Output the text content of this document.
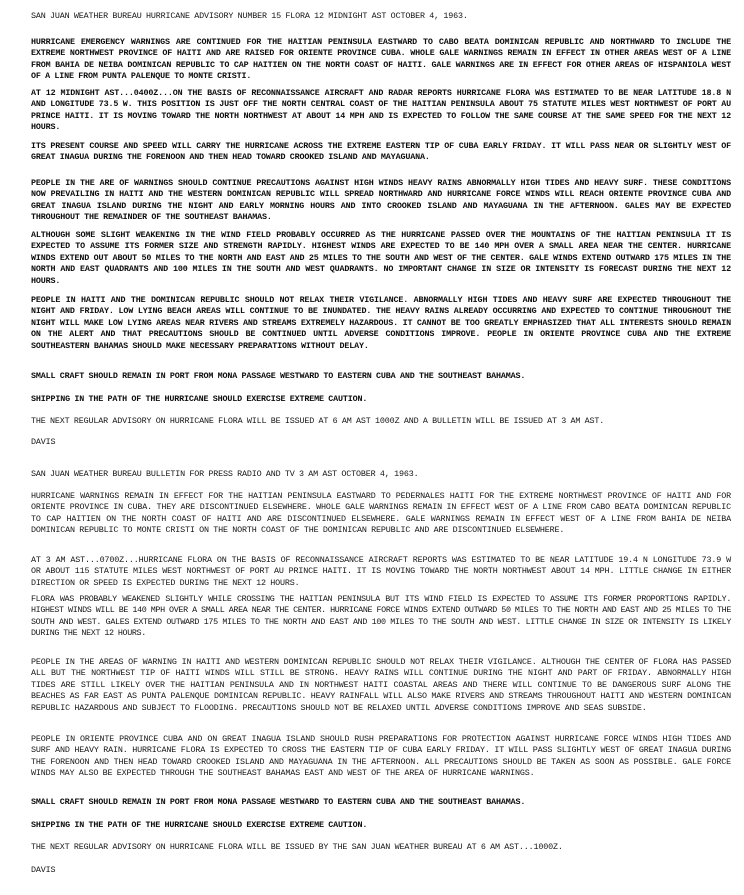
SAN JUAN WEATHER BUREAU HURRICANE ADVISORY NUMBER 15 FLORA 12 MIDNIGHT AST OCTOBER 4, 1963.

HURRICANE EMERGENCY WARNINGS ARE CONTINUED FOR THE HAITIAN PENINSULA EASTWARD TO CABO BEATA DOMINICAN REPUBLIC AND NORTHWARD TO INCLUDE THE EXTREME NORTHWEST PROVINCE OF HAITI AND ARE RAISED FOR ORIENTE PROVINCE CUBA. WHOLE GALE WARNINGS REMAIN IN EFFECT IN OTHER AREAS WEST OF A LINE FROM BAHIA DE NEIBA DOMINICAN REPUBLIC TO CAP HAITIEN ON THE NORTH COAST OF HAITI. GALE WARNINGS ARE IN EFFECT FOR OTHER AREAS OF HISPANIOLA WEST OF A LINE FROM PUNTA PALENQUE TO MONTE CRISTI.

AT 12 MIDNIGHT AST...0400Z...ON THE BASIS OF RECONNAISSANCE AIRCRAFT AND RADAR REPORTS HURRICANE FLORA WAS ESTIMATED TO BE NEAR LATITUDE 18.8 N AND LONGITUDE 73.5 W. THIS POSITION IS JUST OFF THE NORTH CENTRAL COAST OF THE HAITIAN PENINSULA ABOUT 75 STATUTE MILES WEST NORTHWEST OF PORT AU PRINCE HAITI. IT IS MOVING TOWARD THE NORTH NORTHWEST AT ABOUT 14 MPH AND IS EXPECTED TO FOLLOW THE SAME COURSE AT THE SAME SPEED FOR THE NEXT 12 HOURS.

ITS PRESENT COURSE AND SPEED WILL CARRY THE HURRICANE ACROSS THE EXTREME EASTERN TIP OF CUBA EARLY FRIDAY. IT WILL PASS NEAR OR SLIGHTLY WEST OF GREAT INAGUA DURING THE FORENOON AND THEN HEAD TOWARD CROOKED ISLAND AND MAYAGUANA.

PEOPLE IN THE ARE OF WARNINGS SHOULD CONTINUE PRECAUTIONS AGAINST HIGH WINDS HEAVY RAINS ABNORMALLY HIGH TIDES AND HEAVY SURF. THESE CONDITIONS NOW PREVAILING IN HAITI AND THE WESTERN DOMINICAN REPUBLIC WILL SPREAD NORTHWARD AND HURRICANE FORCE WINDS WILL REACH ORIENTE PROVINCE CUBA AND GREAT INAGUA ISLAND DURING THE NIGHT AND EARLY MORNING HOURS AND INTO CROOKED ISLAND AND MAYAGUANA IN THE AFTERNOON. GALES MAY BE EXPECTED THROUGHOUT THE REMAINDER OF THE SOUTHEAST BAHAMAS.

ALTHOUGH SOME SLIGHT WEAKENING IN THE WIND FIELD PROBABLY OCCURRED AS THE HURRICANE PASSED OVER THE MOUNTAINS OF THE HAITIAN PENINSULA IT IS EXPECTED TO ASSUME ITS FORMER SIZE AND STRENGTH RAPIDLY. HIGHEST WINDS ARE EXPECTED TO BE 140 MPH OVER A SMALL AREA NEAR THE CENTER. HURRICANE WINDS EXTEND OUT ABOUT 50 MILES TO THE NORTH AND EAST AND 25 MILES TO THE SOUTH AND WEST OF THE CENTER. GALE WINDS EXTEND OUTWARD 175 MILES IN THE NORTH AND EAST QUADRANTS AND 100 MILES IN THE SOUTH AND WEST QUADRANTS. NO IMPORTANT CHANGE IN SIZE OR INTENSITY IS FORECAST DURING THE NEXT 12 HOURS.

PEOPLE IN HAITI AND THE DOMINICAN REPUBLIC SHOULD NOT RELAX THEIR VIGILANCE. ABNORMALLY HIGH TIDES AND HEAVY SURF ARE EXPECTED THROUGHOUT THE NIGHT AND FRIDAY. LOW LYING BEACH AREAS WILL CONTINUE TO BE INUNDATED. THE HEAVY RAINS ALREADY OCCURRING AND EXPECTED TO CONTINUE THROUGHOUT THE NIGHT WILL MAKE LOW LYING AREAS NEAR RIVERS AND STREAMS EXTREMELY HAZARDOUS. IT CANNOT BE TOO GREATLY EMPHASIZED THAT ALL INTERESTS SHOULD REMAIN ON THE ALERT AND THAT PRECAUTIONS SHOULD BE CONTINUED UNTIL ADVERSE CONDITIONS IMPROVE. PEOPLE IN ORIENTE PROVINCE CUBA AND THE EXTREME SOUTHEASTERN BAHAMAS SHOULD MAKE NECESSARY PREPARATIONS WITHOUT DELAY.

SMALL CRAFT SHOULD REMAIN IN PORT FROM MONA PASSAGE WESTWARD TO EASTERN CUBA AND THE SOUTHEAST BAHAMAS.

SHIPPING IN THE PATH OF THE HURRICANE SHOULD EXERCISE EXTREME CAUTION.

THE NEXT REGULAR ADVISORY ON HURRICANE FLORA WILL BE ISSUED AT 6 AM AST 1000Z AND A BULLETIN WILL BE ISSUED AT 3 AM AST.

DAVIS

SAN JUAN WEATHER BUREAU BULLETIN FOR PRESS RADIO AND TV 3 AM AST OCTOBER 4, 1963.

HURRICANE WARNINGS REMAIN IN EFFECT FOR THE HAITIAN PENINSULA EASTWARD TO PEDERNALES HAITI FOR THE EXTREME NORTHWEST PROVINCE OF HAITI AND FOR ORIENTE PROVINCE IN CUBA. THEY ARE DISCONTINUED ELSEWHERE. WHOLE GALE WARNINGS REMAIN IN EFFECT WEST OF A LINE FROM CABO BEATA DOMINICAN REPUBLIC TO CAP HAITIEN ON THE NORTH COAST OF HAITI AND ARE DISCONTINUED ELSEWHERE. GALE WARNINGS REMAIN IN EFFECT WEST OF A LINE FROM BAHIA DE NEIBA DOMINICAN REPUBLIC TO MONTE CRISTI ON THE NORTH COAST OF THE DOMINICAN REPUBLIC AND ARE DISCONTINUED ELSEWHERE.

AT 3 AM AST...0700Z...HURRICANE FLORA ON THE BASIS OF RECONNAISSANCE AIRCRAFT REPORTS WAS ESTIMATED TO BE NEAR LATITUDE 19.4 N LONGITUDE 73.9 W OR ABOUT 115 STATUTE MILES WEST NORTHWEST OF PORT AU PRINCE HAITI. IT IS MOVING TOWARD THE NORTH NORTHWEST ABOUT 14 MPH. LITTLE CHANGE IN EITHER DIRECTION OR SPEED IS EXPECTED DURING THE NEXT 12 HOURS.

FLORA WAS PROBABLY WEAKENED SLIGHTLY WHILE CROSSING THE HAITIAN PENINSULA BUT ITS WIND FIELD IS EXPECTED TO ASSUME ITS FORMER PROPORTIONS RAPIDLY. HIGHEST WINDS WILL BE 140 MPH OVER A SMALL AREA NEAR THE CENTER. HURRICANE FORCE WINDS EXTEND OUTWARD 50 MILES TO THE NORTH AND EAST AND 25 MILES TO THE SOUTH AND WEST. GALES EXTEND OUTWARD 175 MILES TO THE NORTH AND EAST AND 100 MILES TO THE SOUTH AND WEST. LITTLE CHANGE IN SIZE OR INTENSITY IS LIKELY DURING THE NEXT 12 HOURS.

PEOPLE IN THE AREAS OF WARNING IN HAITI AND WESTERN DOMINICAN REPUBLIC SHOULD NOT RELAX THEIR VIGILANCE. ALTHOUGH THE CENTER OF FLORA HAS PASSED ALL BUT THE NORTHWEST TIP OF HAITI WINDS WILL STILL BE STRONG. HEAVY RAINS WILL CONTINUE DURING THE NIGHT AND PART OF FRIDAY. ABNORMALLY HIGH TIDES ARE STILL LIKELY OVER THE HAITIAN PENINSULA AND IN NORTHWEST HAITI COASTAL AREAS AND THERE WILL CONTINUE TO BE DANGEROUS SURF ALONG THE BEACHES AS FAR EAST AS PUNTA PALENQUE DOMINICAN REPUBLIC. HEAVY RAINFALL WILL ALSO MAKE RIVERS AND STREAMS THROUGHOUT HAITI AND WESTERN DOMINICAN REPUBLIC HAZARDOUS AND SUBJECT TO FLOODING. PRECAUTIONS SHOULD NOT BE RELAXED UNTIL ADVERSE CONDITIONS IMPROVE AND SEAS SUBSIDE.

PEOPLE IN ORIENTE PROVINCE CUBA AND ON GREAT INAGUA ISLAND SHOULD RUSH PREPARATIONS FOR PROTECTION AGAINST HURRICANE FORCE WINDS HIGH TIDES AND SURF AND HEAVY RAIN. HURRICANE FLORA IS EXPECTED TO CROSS THE EASTERN TIP OF CUBA EARLY FRIDAY. IT WILL PASS SLIGHTLY WEST OF GREAT INAGUA DURING THE FORENOON AND THEN HEAD TOWARD CROOKED ISLAND AND MAYAGUANA IN THE AFTERNOON. ALL PRECAUTIONS SHOULD BE TAKEN AS SOON AS POSSIBLE. GALE FORCE WINDS MAY ALSO BE EXPECTED THROUGH THE SOUTHEAST BAHAMAS EAST AND WEST OF THE AREA OF HURRICANE WARNINGS.

SMALL CRAFT SHOULD REMAIN IN PORT FROM MONA PASSAGE WESTWARD TO EASTERN CUBA AND THE SOUTHEAST BAHAMAS.

SHIPPING IN THE PATH OF THE HURRICANE SHOULD EXERCISE EXTREME CAUTION.

THE NEXT REGULAR ADVISORY ON HURRICANE FLORA WILL BE ISSUED BY THE SAN JUAN WEATHER BUREAU AT 6 AM AST...1000Z.

DAVIS
